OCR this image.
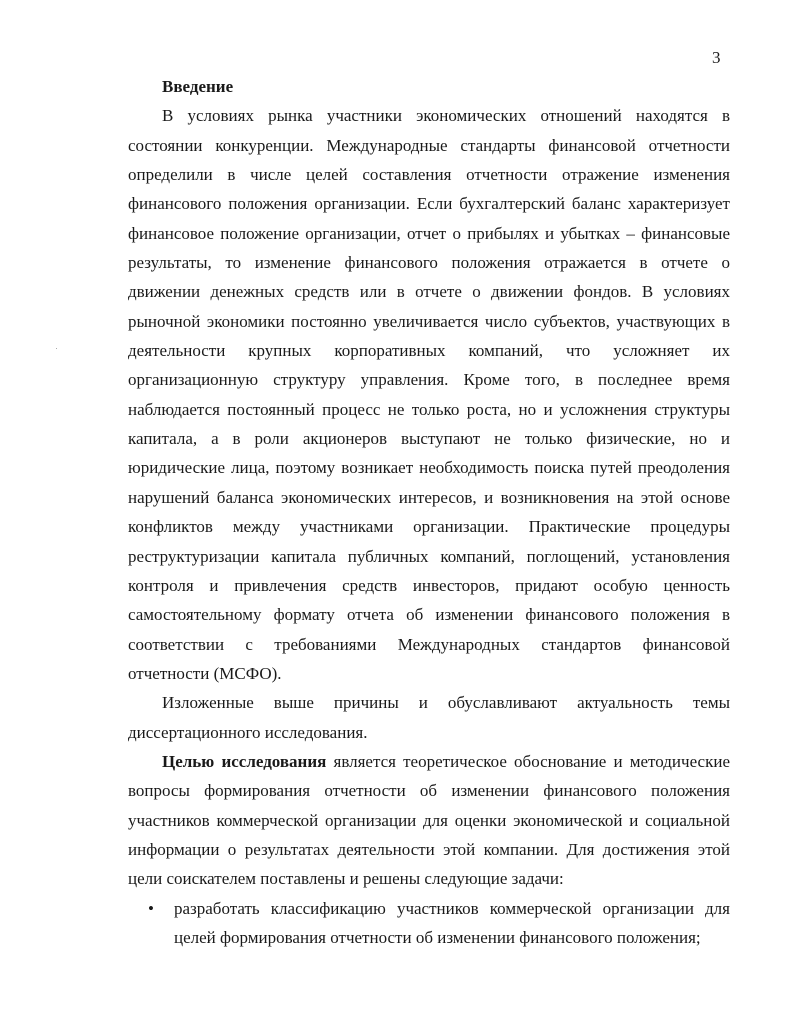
3
Введение

В условиях рынка участники экономических отношений находятся в состоянии конкуренции. Международные стандарты финансовой отчетности определили в числе целей составления отчетности отражение изменения финансового положения организации. Если бухгалтерский баланс характеризует финансовое положение организации, отчет о прибылях и убытках – финансовые результаты, то изменение финансового положения отражается в отчете о движении денежных средств или в отчете о движении фондов. В условиях рыночной экономики постоянно увеличивается число субъектов, участвующих в деятельности крупных корпоративных компаний, что усложняет их организационную структуру управления. Кроме того, в последнее время наблюдается постоянный процесс не только роста, но и усложнения структуры капитала, а в роли акционеров выступают не только физические, но и юридические лица, поэтому возникает необходимость поиска путей преодоления нарушений баланса экономических интересов, и возникновения на этой основе конфликтов между участниками организации. Практические процедуры реструктуризации капитала публичных компаний, поглощений, установления контроля и привлечения средств инвесторов, придают особую ценность самостоятельному формату отчета об изменении финансового положения в соответствии с требованиями Международных стандартов финансовой отчетности (МСФО).

Изложенные выше причины и обуславливают актуальность темы диссертационного исследования.

Целью исследования является теоретическое обоснование и методические вопросы формирования отчетности об изменении финансового положения участников коммерческой организации для оценки экономической и социальной информации о результатах деятельности этой компании. Для достижения этой цели соискателем поставлены и решены следующие задачи:

• разработать классификацию участников коммерческой организации для целей формирования отчетности об изменении финансового положения;
